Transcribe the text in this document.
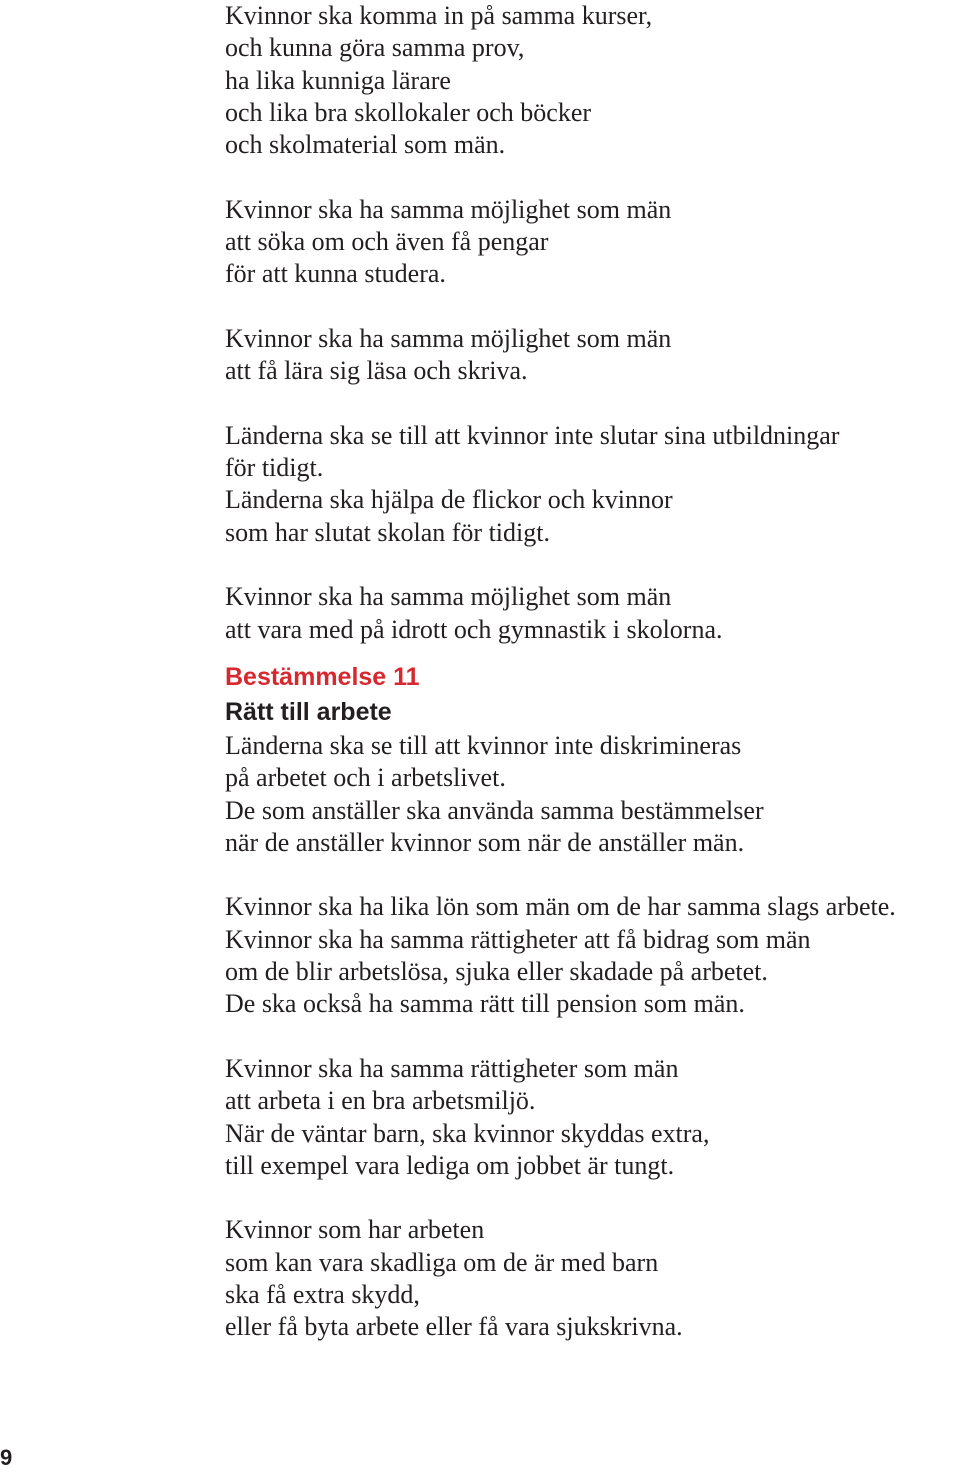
Kvinnor ska komma in på samma kurser,
och kunna göra samma prov,
ha lika kunniga lärare
och lika bra skollokaler och böcker
och skolmaterial som män.
Kvinnor ska ha samma möjlighet som män
att söka om och även få pengar
för att kunna studera.
Kvinnor ska ha samma möjlighet som män
att få lära sig läsa och skriva.
Länderna ska se till att kvinnor inte slutar sina utbildningar
för tidigt.
Länderna ska hjälpa de flickor och kvinnor
som har slutat skolan för tidigt.
Kvinnor ska ha samma möjlighet som män
att vara med på idrott och gymnastik i skolorna.
Bestämmelse 11
Rätt till arbete
Länderna ska se till att kvinnor inte diskrimineras
på arbetet och i arbetslivet.
De som anställer ska använda samma bestämmelser
när de anställer kvinnor som när de anställer män.
Kvinnor ska ha lika lön som män om de har samma slags arbete.
Kvinnor ska ha samma rättigheter att få bidrag som män
om de blir arbetslösa, sjuka eller skadade på arbetet.
De ska också ha samma rätt till pension som män.
Kvinnor ska ha samma rättigheter som män
att arbeta i en bra arbetsmiljö.
När de väntar barn, ska kvinnor skyddas extra,
till exempel vara lediga om jobbet är tungt.
Kvinnor som har arbeten
som kan vara skadliga om de är med barn
ska få extra skydd,
eller få byta arbete eller få vara sjukskrivna.
9
